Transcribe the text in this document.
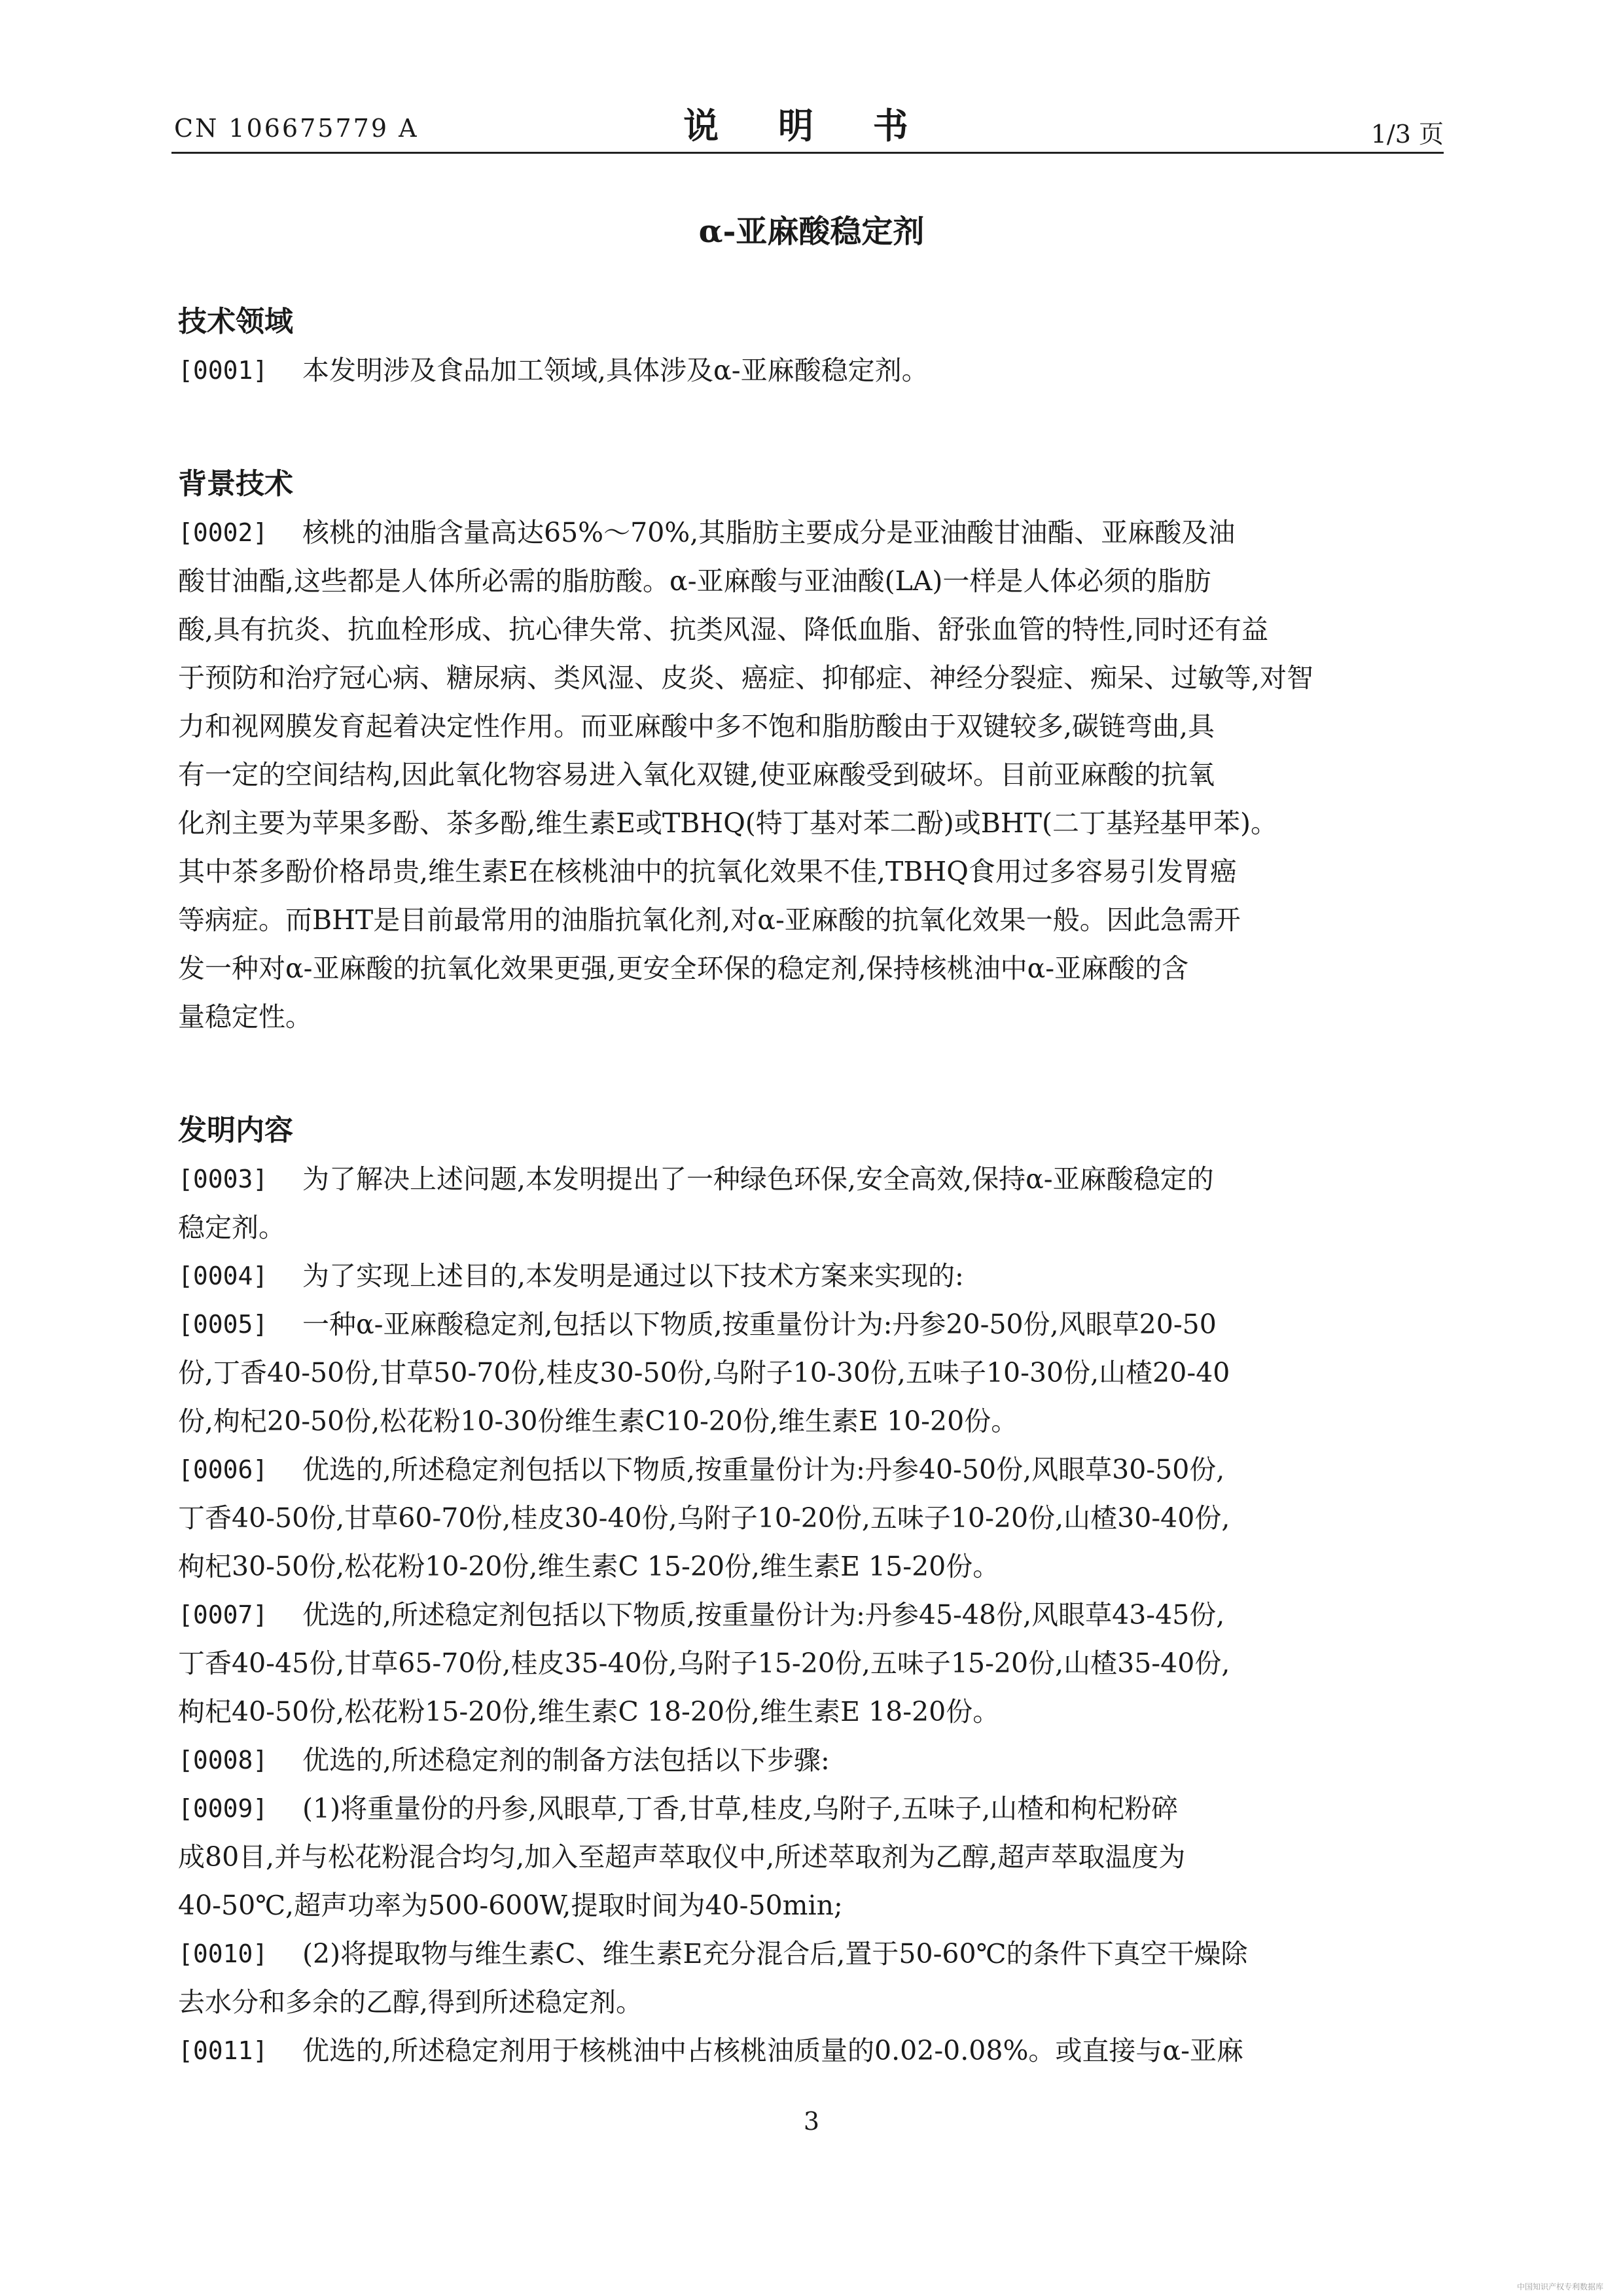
CN 106675779 A	说 明 书	1/3 页
α-亚麻酸稳定剂
技术领域
[0001]	本发明涉及食品加工领域,具体涉及α-亚麻酸稳定剂。
背景技术
[0002]	核桃的油脂含量高达65%～70%,其脂肪主要成分是亚油酸甘油酯、亚麻酸及油
酸甘油酯,这些都是人体所必需的脂肪酸。α-亚麻酸与亚油酸(LA)一样是人体必须的脂肪
酸,具有抗炎、抗血栓形成、抗心律失常、抗类风湿、降低血脂、舒张血管的特性,同时还有益
于预防和治疗冠心病、糖尿病、类风湿、皮炎、癌症、抑郁症、神经分裂症、痴呆、过敏等,对智
力和视网膜发育起着决定性作用。而亚麻酸中多不饱和脂肪酸由于双键较多,碳链弯曲,具
有一定的空间结构,因此氧化物容易进入氧化双键,使亚麻酸受到破坏。目前亚麻酸的抗氧
化剂主要为苹果多酚、茶多酚,维生素E或TBHQ(特丁基对苯二酚)或BHT(二丁基羟基甲苯)。
其中茶多酚价格昂贵,维生素E在核桃油中的抗氧化效果不佳,TBHQ食用过多容易引发胃癌
等病症。而BHT是目前最常用的油脂抗氧化剂,对α-亚麻酸的抗氧化效果一般。因此急需开
发一种对α-亚麻酸的抗氧化效果更强,更安全环保的稳定剂,保持核桃油中α-亚麻酸的含
量稳定性。
发明内容
[0003]	为了解决上述问题,本发明提出了一种绿色环保,安全高效,保持α-亚麻酸稳定的
稳定剂。
[0004]	为了实现上述目的,本发明是通过以下技术方案来实现的:
[0005]	一种α-亚麻酸稳定剂,包括以下物质,按重量份计为:丹参20-50份,风眼草20-50
份,丁香40-50份,甘草50-70份,桂皮30-50份,乌附子10-30份,五味子10-30份,山楂20-40
份,枸杞20-50份,松花粉10-30份维生素C10-20份,维生素E 10-20份。
[0006]	优选的,所述稳定剂包括以下物质,按重量份计为:丹参40-50份,风眼草30-50份,
丁香40-50份,甘草60-70份,桂皮30-40份,乌附子10-20份,五味子10-20份,山楂30-40份,
枸杞30-50份,松花粉10-20份,维生素C 15-20份,维生素E 15-20份。
[0007]	优选的,所述稳定剂包括以下物质,按重量份计为:丹参45-48份,风眼草43-45份,
丁香40-45份,甘草65-70份,桂皮35-40份,乌附子15-20份,五味子15-20份,山楂35-40份,
枸杞40-50份,松花粉15-20份,维生素C 18-20份,维生素E 18-20份。
[0008]	优选的,所述稳定剂的制备方法包括以下步骤:
[0009]	(1)将重量份的丹参,风眼草,丁香,甘草,桂皮,乌附子,五味子,山楂和枸杞粉碎
成80目,并与松花粉混合均匀,加入至超声萃取仪中,所述萃取剂为乙醇,超声萃取温度为
40-50℃,超声功率为500-600W,提取时间为40-50min;
[0010]	(2)将提取物与维生素C、维生素E充分混合后,置于50-60℃的条件下真空干燥除
去水分和多余的乙醇,得到所述稳定剂。
[0011]	优选的,所述稳定剂用于核桃油中占核桃油质量的0.02-0.08%。或直接与α-亚麻
3
中国知识产权专利数据库
